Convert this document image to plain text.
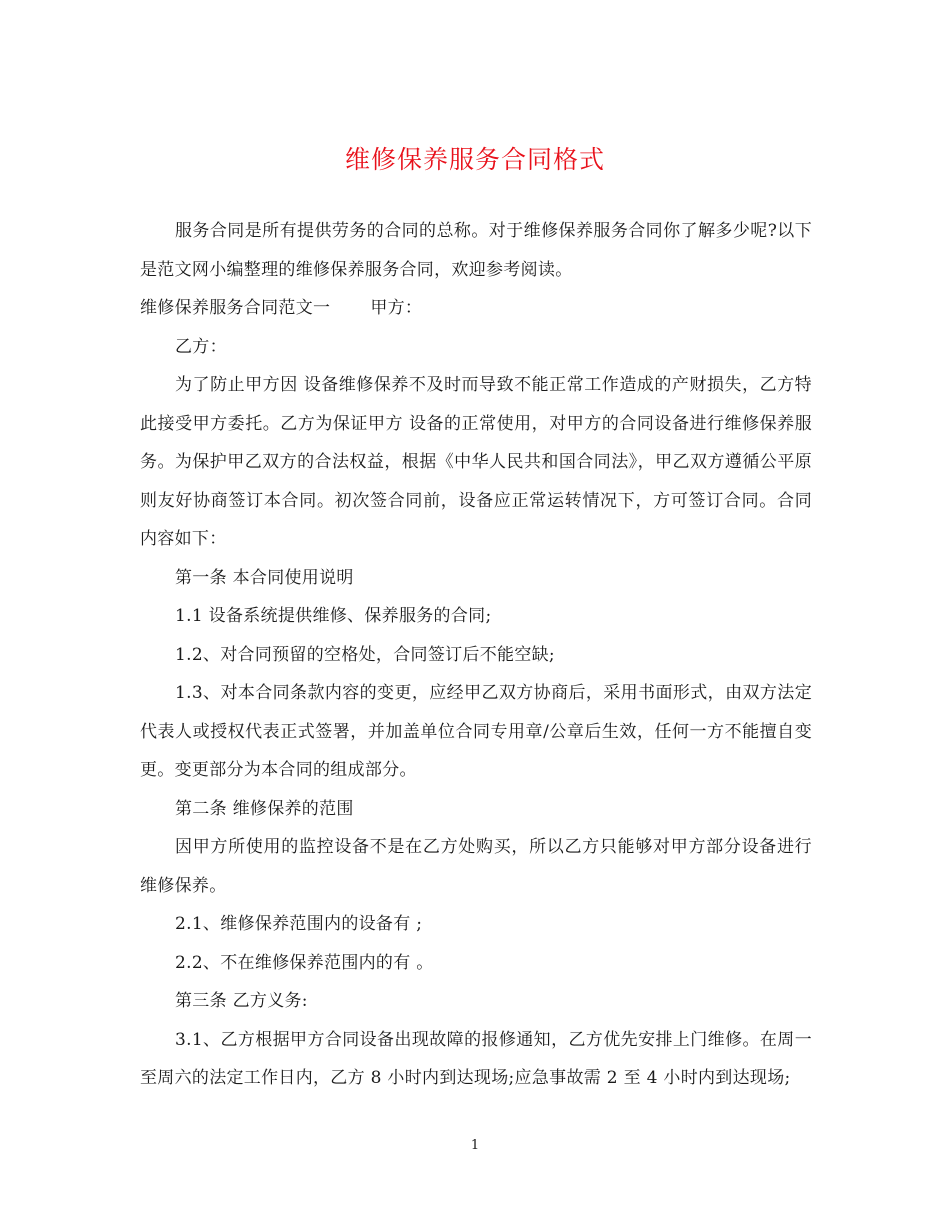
维修保养服务合同格式

服务合同是所有提供劳务的合同的总称。对于维修保养服务合同你了解多少呢?以下是范文网小编整理的维修保养服务合同，欢迎参考阅读。

维修保养服务合同范文一 甲方：

乙方：

为了防止甲方因 设备维修保养不及时而导致不能正常工作造成的产财损失，乙方特此接受甲方委托。乙方为保证甲方 设备的正常使用，对甲方的合同设备进行维修保养服务。为保护甲乙双方的合法权益，根据《中华人民共和国合同法》，甲乙双方遵循公平原则友好协商签订本合同。初次签合同前，设备应正常运转情况下，方可签订合同。合同内容如下：

第一条 本合同使用说明

1.1 设备系统提供维修、保养服务的合同;

1.2、对合同预留的空格处，合同签订后不能空缺;

1.3、对本合同条款内容的变更，应经甲乙双方协商后，采用书面形式，由双方法定代表人或授权代表正式签署，并加盖单位合同专用章/公章后生效，任何一方不能擅自变更。变更部分为本合同的组成部分。

第二条 维修保养的范围

因甲方所使用的监控设备不是在乙方处购买，所以乙方只能够对甲方部分设备进行维修保养。

2.1、维修保养范围内的设备有 ;

2.2、不在维修保养范围内的有 。

第三条 乙方义务:

3.1、乙方根据甲方合同设备出现故障的报修通知，乙方优先安排上门维修。在周一至周六的法定工作日内，乙方 8 小时内到达现场;应急事故需 2 至 4 小时内到达现场;

1
